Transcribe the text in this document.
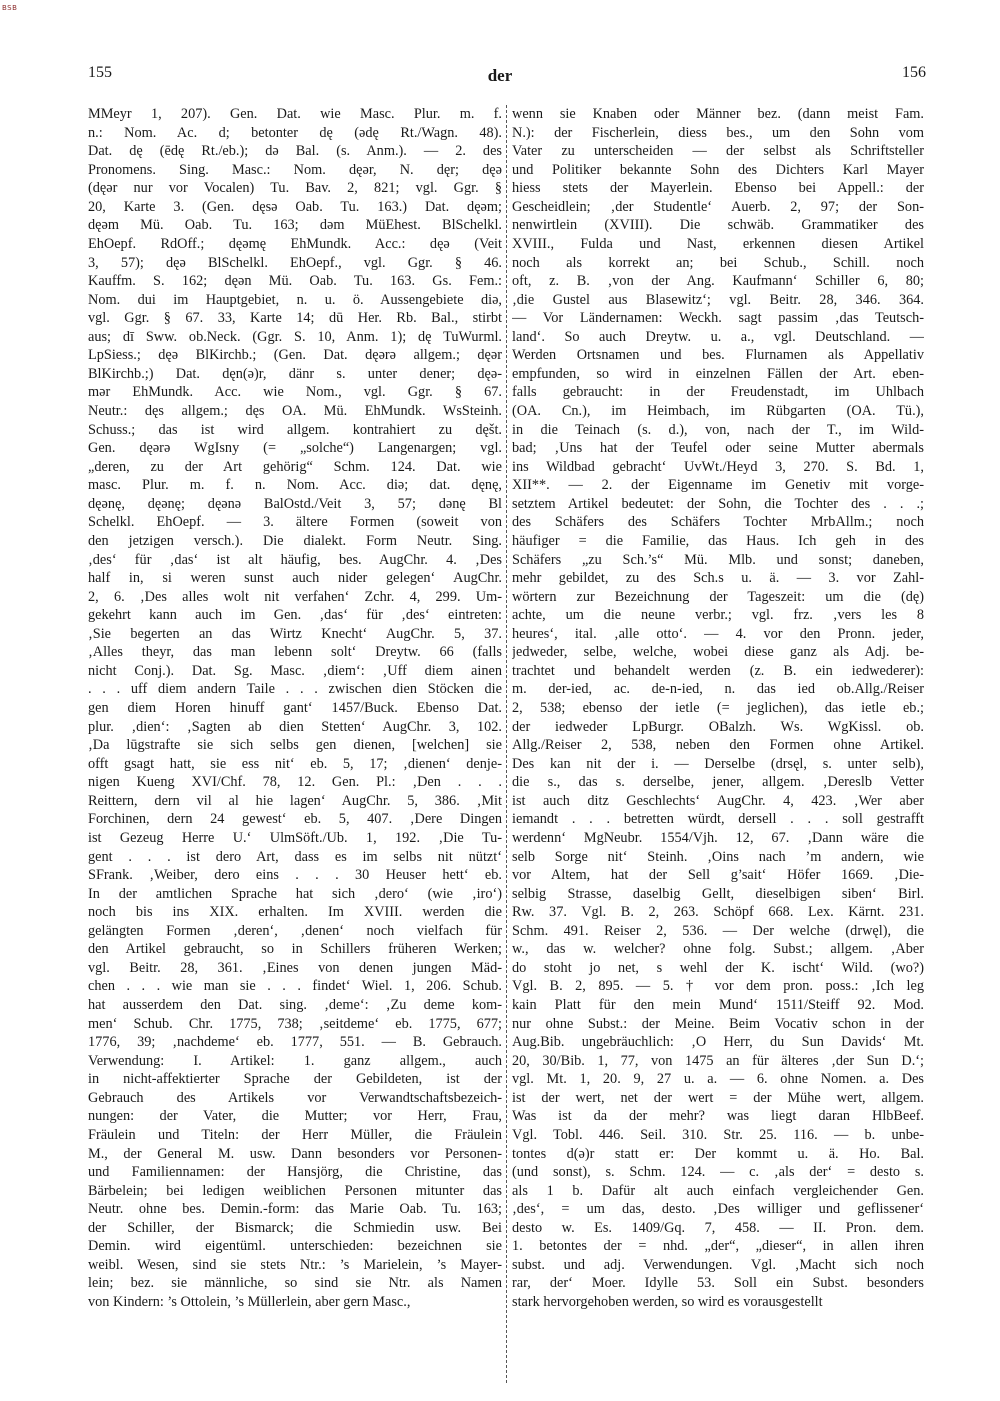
BSB
155	der	156
MMeyr 1, 207). Gen. Dat. wie Masc. Plur. m. f.
n.: Nom. Ac. d; betonter dę (ədę Rt./Wagn. 48).
Dat. dę (ēdę Rt./eb.); də Bal. (s. Anm.). — 2. des
Pronomens. Sing. Masc.: Nom. dęər, N. dęr; dęə
(dęər nur vor Vocalen) Tu. Bav. 2, 821; vgl. Ggr. §
20, Karte 3. (Gen. dęsə Oab. Tu. 163.) Dat. dęəm;
dęəm Mü. Oab. Tu. 163; dəm MüEhest. BlSchelkl.
EhOepf. RdOff.; dęəmę EhMundk. Acc.: dęə (Veit
3, 57); dęə BlSchelkl. EhOepf., vgl. Ggr. § 46.
Kauffm. S. 162; dęən Mü. Oab. Tu. 163. Gs. Fem.:
Nom. dui im Hauptgebiet, n. u. ö. Aussengebiete diə,
vgl. Ggr. § 67. 33, Karte 14; dū Her. Rb. Bal., stirbt
aus; dī Sww. ob.Neck. (Ggr. S. 10, Anm. 1); dę TuWurml.
LpSiess.; dęə BlKirchb.; (Gen. Dat. dęərə allgem.; dęər
BlKirchb.;) Dat. dęn(ə)r, dänr s. unter dener; dęə-
mər EhMundk. Acc. wie Nom., vgl. Ggr. § 67.
Neutr.: dęs allgem.; dęs OA. Mü. EhMundk. WsSteinh.
Schuss.; das ist wird allgem. kontrahiert zu dęšt.
Gen. dęərə WgIsny (= „solche“) Langenargen; vgl.
„deren, zu der Art gehörig“ Schm. 124. Dat. wie
masc. Plur. m. f. n. Nom. Acc. diə; dat. dęnę,
dęənę, dęənę; dęənə BalOstd./Veit 3, 57; dənę Bl
Schelkl. EhOepf. — 3. ältere Formen (soweit von
den jetzigen versch.). Die dialekt. Form Neutr. Sing.
‚des‘ für ‚das‘ ist alt häufig, bes. AugChr. 4. ‚Des
half in, si weren sunst auch nider gelegen‘ AugChr.
2, 6. ‚Des alles wolt nit verfahen‘ Zchr. 4, 299. Um-
gekehrt kann auch im Gen. ‚das‘ für ‚des‘ eintreten:
‚Sie begerten an das Wirtz Knecht‘ AugChr. 5, 37.
‚Alles theyr, das man lebenn solt‘ Dreytw. 66 (falls
nicht Conj.). Dat. Sg. Masc. ‚diem‘: ‚Uff diem ainen
. . . uff diem andern Taile . . . zwischen dien Stöcken die
gen diem Horen hinuff gant‘ 1457/Buck. Ebenso Dat.
plur. ‚dien‘: ‚Sagten ab dien Stetten‘ AugChr. 3, 102.
‚Da lūgstrafte sie sich selbs gen dienen, [welchen] sie
offt gsagt hatt, sie ess nit‘ eb. 5, 17; ‚dienen‘ denje-
nigen Kueng XVI/Chf. 78, 12. Gen. Pl.: ‚Den . . .
Reittern, dern vil al hie lagen‘ AugChr. 5, 386. ‚Mit
Forchinen, dern 24 gewest‘ eb. 5, 407. ‚Dere Dingen
ist Gezeug Herre U.‘ UlmSöft./Ub. 1, 192. ‚Die Tu-
gent . . . ist dero Art, dass es im selbs nit nützt‘
SFrank. ‚Weiber, dero eins . . . 30 Heuser hett‘ eb.
In der amtlichen Sprache hat sich ‚dero‘ (wie ‚iro‘)
noch bis ins XIX. erhalten. Im XVIII. werden die
gelängten Formen ‚deren‘, ‚denen‘ noch vielfach für
den Artikel gebraucht, so in Schillers früheren Werken;
vgl. Beitr. 28, 361. ‚Eines von denen jungen Mäd-
chen . . . wie man sie . . . findet‘ Wiel. 1, 206. Schub.
hat ausserdem den Dat. sing. ‚deme‘: ‚Zu deme kom-
men‘ Schub. Chr. 1775, 738; ‚seitdeme‘ eb. 1775, 677;
1776, 39; ‚nachdeme‘ eb. 1777, 551. — B. Gebrauch.
Verwendung: I. Artikel: 1. ganz allgem., auch
in nicht-affektierter Sprache der Gebildeten, ist der
Gebrauch des Artikels vor Verwandtschaftsbezeich-
nungen: der Vater, die Mutter; vor Herr, Frau,
Fräulein und Titeln: der Herr Müller, die Fräulein
M., der General M. usw. Dann besonders vor Personen-
und Familiennamen: der Hansjörg, die Christine, das
Bärbelein; bei ledigen weiblichen Personen mitunter das
Neutr. ohne bes. Demin.-form: das Marie Oab. Tu. 163;
der Schiller, der Bismarck; die Schmiedin usw. Bei
Demin. wird eigentüml. unterschieden: bezeichnen sie
weibl. Wesen, sind sie stets Ntr.: ’s Marielein, ’s Mayer-
lein; bez. sie männliche, so sind sie Ntr. als Namen
von Kindern: ’s Ottolein, ’s Müllerlein, aber gern Masc.,
wenn sie Knaben oder Männer bez. (dann meist Fam.
N.): der Fischerlein, diess bes., um den Sohn vom
Vater zu unterscheiden — der selbst als Schriftsteller
und Politiker bekannte Sohn des Dichters Karl Mayer
hiess stets der Mayerlein. Ebenso bei Appell.: der
Gescheidlein; ‚der Studentle‘ Auerb. 2, 97; der Son-
nenwirtlein (XVIII). Die schwäb. Grammatiker des
XVIII., Fulda und Nast, erkennen diesen Artikel
noch als korrekt an; bei Schub., Schill. noch
oft, z. B. ‚von der Ang. Kaufmann‘ Schiller 6, 80;
‚die Gustel aus Blasewitz‘; vgl. Beitr. 28, 346. 364.
— Vor Ländernamen: Weckh. sagt passim ‚das Teutsch-
land‘. So auch Dreytw. u. a., vgl. Deutschland. —
Werden Ortsnamen und bes. Flurnamen als Appellativ
empfunden, so wird in einzelnen Fällen der Art. eben-
falls gebraucht: in der Freudenstadt, im Uhlbach
(OA. Cn.), im Heimbach, im Rübgarten (OA. Tü.),
in die Teinach (s. d.), von, nach der T., im Wild-
bad; ‚Uns hat der Teufel oder seine Mutter abermals
ins Wildbad gebracht‘ UvWt./Heyd 3, 270. S. Bd. 1,
XII**. — 2. der Eigenname im Genetiv mit vorge-
setztem Artikel bedeutet: der Sohn, die Tochter des . . .;
des Schäfers des Schäfers Tochter MrbAllm.; noch
häufiger = die Familie, das Haus. Ich geh in des
Schäfers „zu Sch.’s“ Mü. Mlb. und sonst; daneben,
mehr gebildet, zu des Sch.s u. ä. — 3. vor Zahl-
wörtern zur Bezeichnung der Tageszeit: um die (dę)
achte, um die neune verbr.; vgl. frz. ‚vers les 8
heures‘, ital. ‚alle otto‘. — 4. vor den Pronn. jeder,
jedweder, selbe, welche, wobei diese ganz als Adj. be-
trachtet und behandelt werden (z. B. ein iedwederer):
m. der-ied, ac. de-n-ied, n. das ied ob.Allg./Reiser
2, 538; ebenso der ietle (= jeglichen), das ietle eb.;
der iedweder LpBurgr. OBalzh. Ws. WgKissl. ob.
Allg./Reiser 2, 538, neben den Formen ohne Artikel.
Des kan nit der i. — Derselbe (drsęl, s. unter selb),
die s., das s. derselbe, jener, allgem. ‚Dereslb Vetter
ist auch ditz Geschlechts‘ AugChr. 4, 423. ‚Wer aber
iemandt . . . betretten würdt, dersell . . . soll gestrafft
werdenn‘ MgNeubr. 1554/Vjh. 12, 67. ‚Dann wäre die
selb Sorge nit‘ Steinh. ‚Oins nach ’m andern, wie
vor Altem, hat der Sell g’sait‘ Höfer 1669. ‚Die-
selbig Strasse, daselbig Gellt, dieselbigen siben‘ Birl.
Rw. 37. Vgl. B. 2, 263. Schöpf 668. Lex. Kärnt. 231.
Schm. 491. Reiser 2, 536. — Der welche (drwęl), die
w., das w. welcher? ohne folg. Subst.; allgem. ‚Aber
do stoht jo net, s wehl der K. ischt‘ Wild. (wo?)
Vgl. B. 2, 895. — 5. † vor dem pron. poss.: ‚Ich leg
kain Platt für den mein Mund‘ 1511/Steiff 92. Mod.
nur ohne Subst.: der Meine. Beim Vocativ schon in der
Aug.Bib. ungebräuchlich: ‚O Herr, du Sun Davids‘ Mt.
20, 30/Bib. 1, 77, von 1475 an für älteres ‚der Sun D.‘;
vgl. Mt. 1, 20. 9, 27 u. a. — 6. ohne Nomen. a. Des
ist der wert, net der wert = der Mühe wert, allgem.
Was ist da der mehr? was liegt daran HlbBeef.
Vgl. Tobl. 446. Seil. 310. Str. 25. 116. — b. unbe-
tontes d(ə)r statt er: Der kommt u. ä. Ho. Bal.
(und sonst), s. Schm. 124. — c. ‚als der‘ = desto s.
als 1 b. Dafür alt auch einfach vergleichender Gen.
‚des‘, = um das, desto. ‚Des williger und geflissener‘
desto w. Es. 1409/Gq. 7, 458. — II. Pron. dem.
1. betontes der = nhd. „der“, „dieser“, in allen ihren
subst. und adj. Verwendungen. Vgl. ‚Macht sich noch
rar, der‘ Moer. Idylle 53. Soll ein Subst. besonders
stark hervorgehoben werden, so wird es vorausgestellt
